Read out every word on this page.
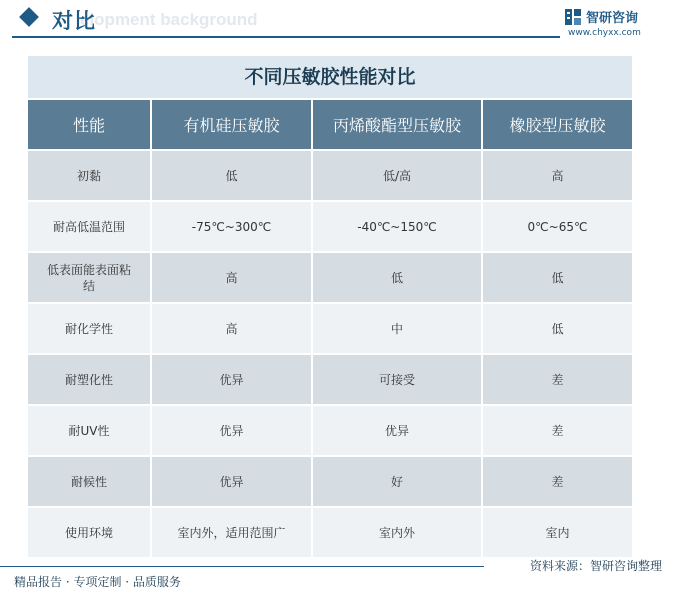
elopment background
对比	智研咨询
www.chyxx.com
不同压敏胶性能对比
性能	有机硅压敏胶	丙烯酸酯型压敏胶	橡胶型压敏胶
初黏	低	低/高	高
耐高低温范围	-75℃~300℃	-40℃~150℃	0℃~65℃
低表面能表面粘结	高	低	低
耐化学性	高	中	低
耐塑化性	优异	可接受	差
耐UV性	优异	优异	差
耐候性	优异	好	差
使用环境	室内外，适用范围广	室内外	室内
资料来源：智研咨询整理
精品报告 · 专项定制 · 品质服务
